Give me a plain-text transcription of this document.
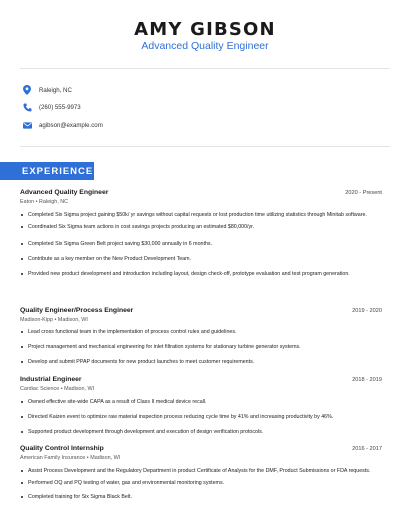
AMY GIBSON
Advanced Quality Engineer
Raleigh, NC
(260) 555-9973
agibson@example.com
EXPERIENCE
Advanced Quality Engineer	2020 - Present
Eaton • Raleigh, NC
Completed Six Sigma project gaining $50k/ yr savings without capital requests or lost production time utilizing statistics through Minitab software.
Coordinated Six Sigma team actions in cost savings projects producing an estimated $80,000/yr.
Completed Six Sigma Green Belt project saving $30,000 annually in 6 months.
Contribute as a key member on the New Product Development Team.
Provided new product development and introduction including layout, design check-off, prototype evaluation and test program generation.
Quality Engineer/Process Engineer	2019 - 2020
Madison-Kipp • Madison, WI
Lead cross functional team in the implementation of process control rules and guidelines.
Project management and mechanical engineering for inlet filtration systems for stationary turbine generator systems.
Develop and submit PPAP documents for new product launches to meet customer requirements.
Industrial Engineer	2018 - 2019
Cardiac Science • Madison, WI
Owned effective site-wide CAPA as a result of Class II medical device recall.
Directed Kaizen event to optimize raw material inspection process reducing cycle time by 41% and increasing productivity by 46%.
Supported product development through development and execution of design verification protocols.
Quality Control Internship	2016 - 2017
American Family Insurance • Madison, WI
Assist Process Development and the Regulatory Department in product Certificate of Analysis for the DMF, Product Submissions or FDA requests.
Performed OQ and PQ testing of water, gas and environmental monitoring systems.
Completed training for Six Sigma Black Belt.
